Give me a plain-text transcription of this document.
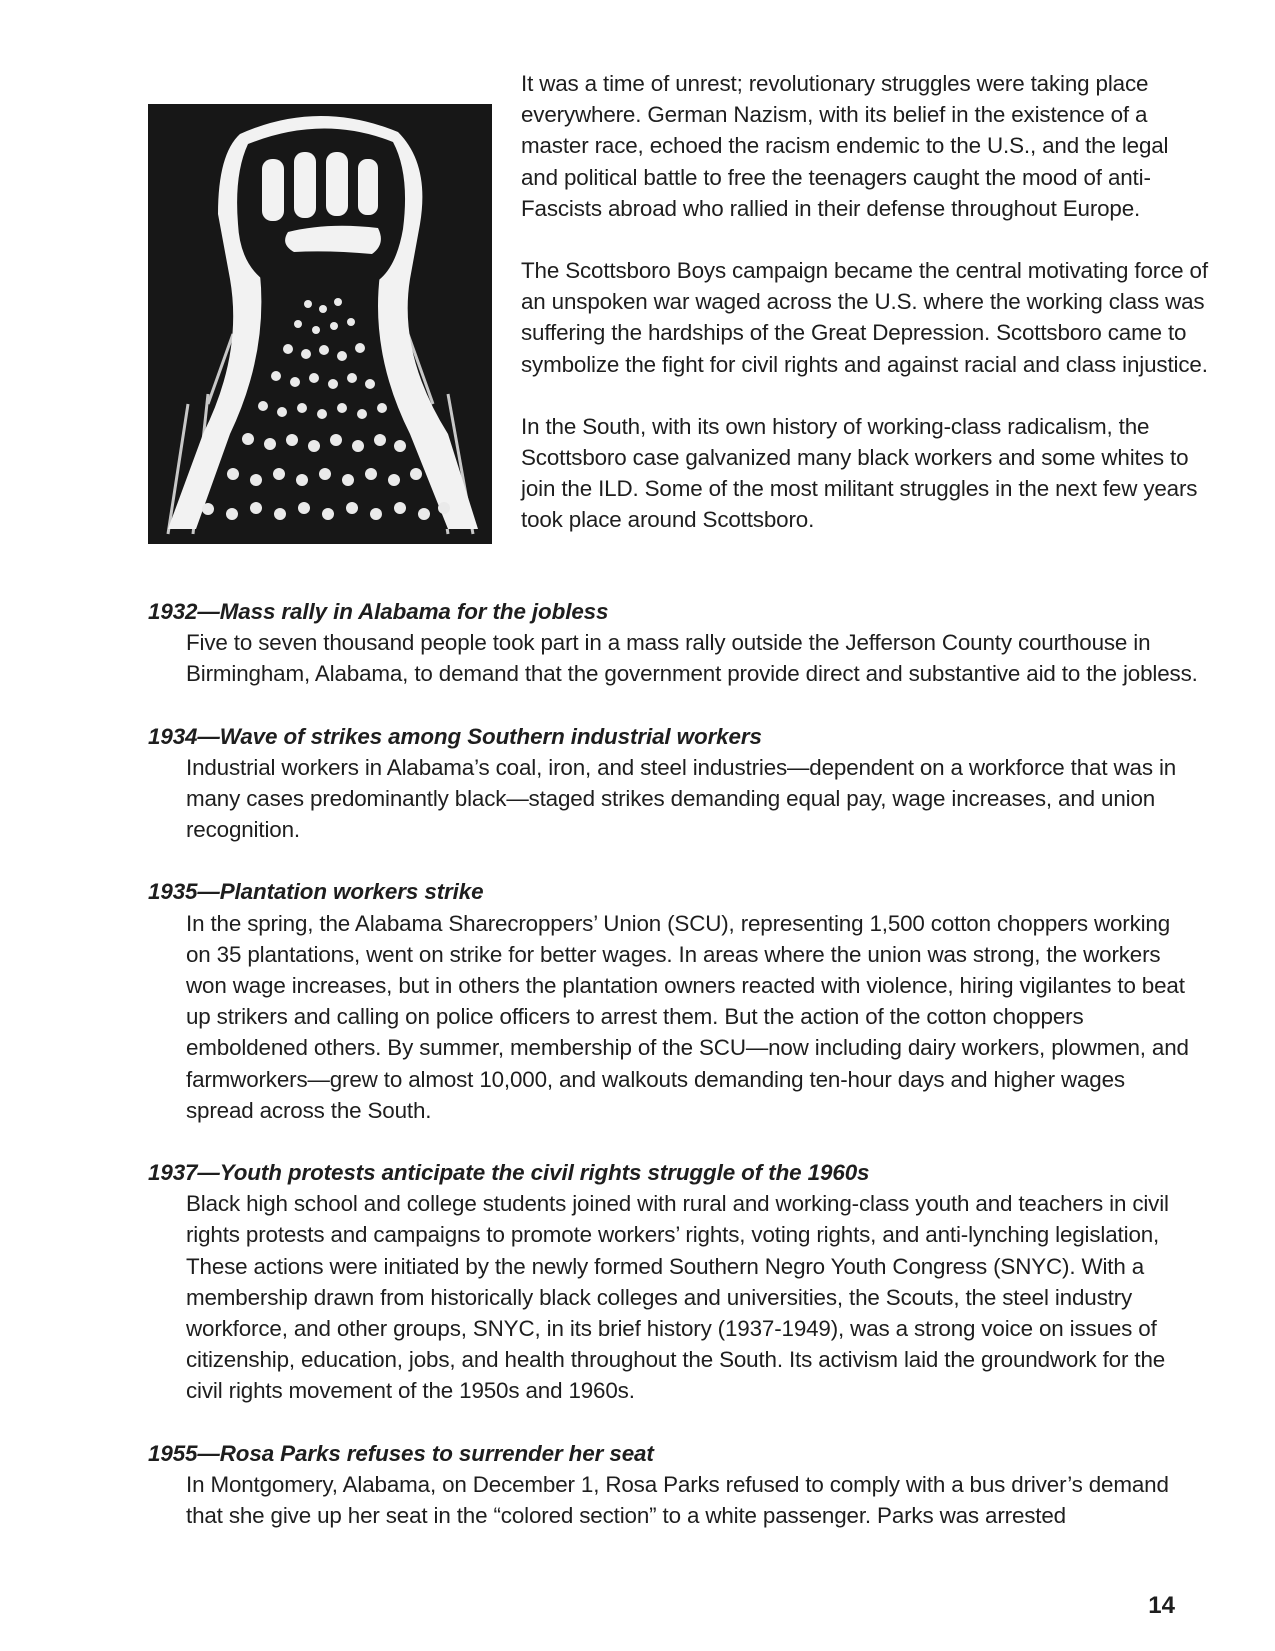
It was a time of unrest; revolutionary struggles were taking place everywhere. German Nazism, with its belief in the existence of a master race, echoed the racism endemic to the U.S., and the legal and political battle to free the teenagers caught the mood of anti-Fascists abroad who rallied in their defense throughout Europe.

The Scottsboro Boys campaign became the central motivating force of an unspoken war waged across the U.S. where the working class was suffering the hardships of the Great Depression. Scottsboro came to symbolize the fight for civil rights and against racial and class injustice.

In the South, with its own history of working-class radicalism, the Scottsboro case galvanized many black workers and some whites to join the ILD. Some of the most militant struggles in the next few years took place around Scottsboro.

1932—Mass rally in Alabama for the jobless

Five to seven thousand people took part in a mass rally outside the Jefferson County courthouse in Birmingham, Alabama, to demand that the government provide direct and substantive aid to the jobless.

1934—Wave of strikes among Southern industrial workers

Industrial workers in Alabama’s coal, iron, and steel industries—dependent on a workforce that was in many cases predominantly black—staged strikes demanding equal pay, wage increases, and union recognition.

1935—Plantation workers strike

In the spring, the Alabama Sharecroppers’ Union (SCU), representing 1,500 cotton choppers working on 35 plantations, went on strike for better wages. In areas where the union was strong, the workers won wage increases, but in others the plantation owners reacted with violence, hiring vigilantes to beat up strikers and calling on police officers to arrest them. But the action of the cotton choppers emboldened others. By summer, membership of the SCU—now including dairy workers, plowmen, and farmworkers—grew to almost 10,000, and walkouts demanding ten-hour days and higher wages spread across the South.

1937—Youth protests anticipate the civil rights struggle of the 1960s

Black high school and college students joined with rural and working-class youth and teachers in civil rights protests and campaigns to promote workers’ rights, voting rights, and anti-lynching legislation, These actions were initiated by the newly formed Southern Negro Youth Congress (SNYC). With a membership drawn from historically black colleges and universities, the Scouts, the steel industry workforce, and other groups, SNYC, in its brief history (1937-1949), was a strong voice on issues of citizenship, education, jobs, and health throughout the South. Its activism laid the groundwork for the civil rights movement of the 1950s and 1960s.

1955—Rosa Parks refuses to surrender her seat

In Montgomery, Alabama, on December 1, Rosa Parks refused to comply with a bus driver’s demand that she give up her seat in the “colored section” to a white passenger. Parks was arrested

14
